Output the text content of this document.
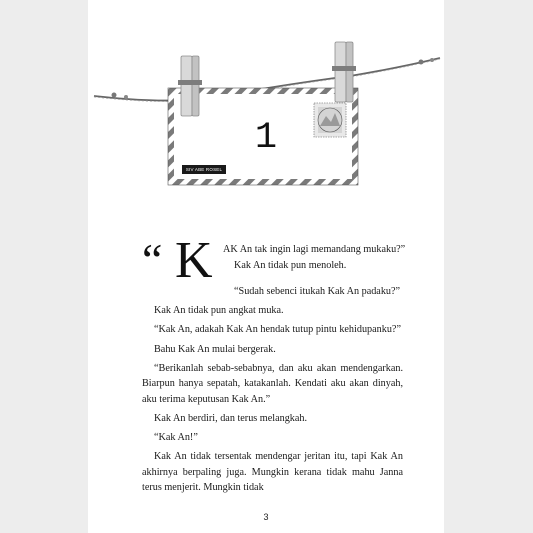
1
SIV ABE ROSEL
“ K AK An tak ingin lagi memandang mukaku?”
Kak An tidak pun menoleh.

“Sudah sebenci itukah Kak An padaku?”

Kak An tidak pun angkat muka.

“Kak An, adakah Kak An hendak tutup pintu kehidupanku?”

Bahu Kak An mulai bergerak.

“Berikanlah sebab-sebabnya, dan aku akan mendengarkan. Biarpun hanya sepatah, katakanlah. Kendati aku akan dinyah, aku terima keputusan Kak An.”

Kak An berdiri, dan terus melangkah.

“Kak An!”

Kak An tidak tersentak mendengar jeritan itu, tapi Kak An akhirnya berpaling juga. Mungkin kerana tidak mahu Janna terus menjerit. Mungkin tidak

3
